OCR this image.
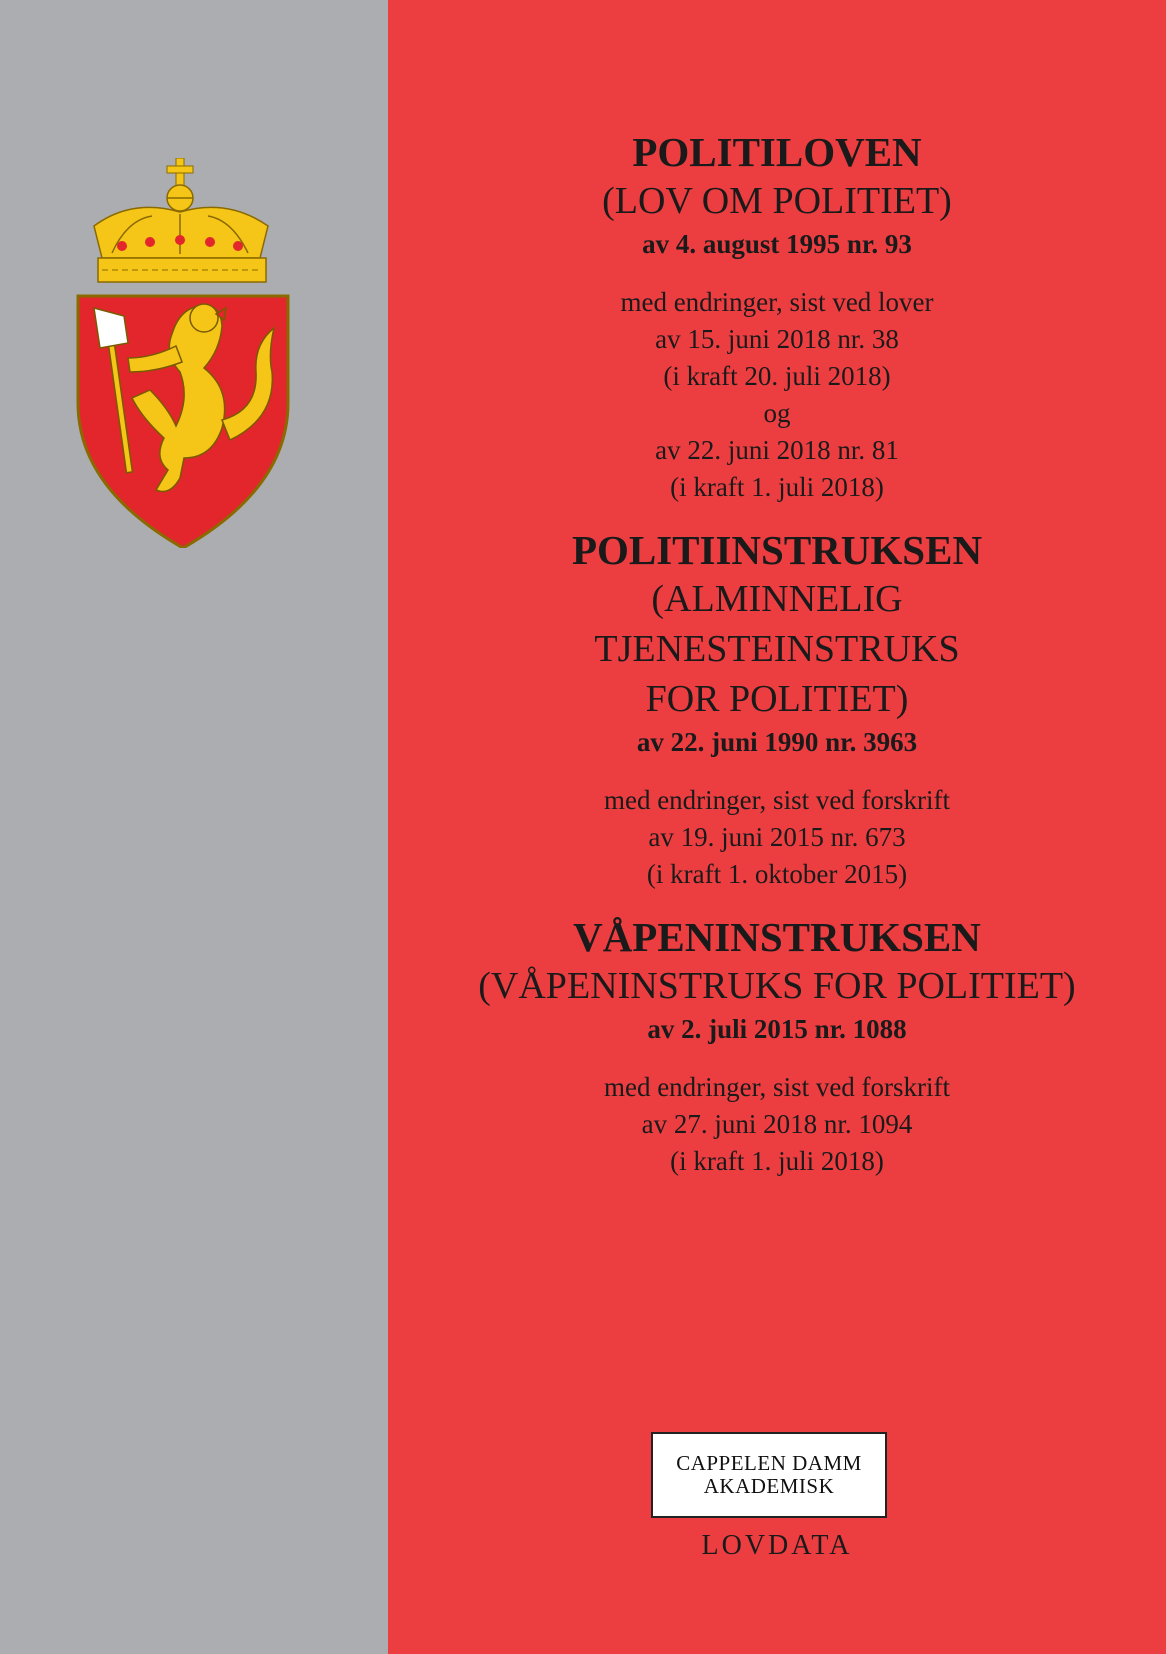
POLITILOVEN

(LOV OM POLITIET)

av 4. august 1995 nr. 93

med endringer, sist ved lover

av 15. juni 2018 nr. 38

(i kraft 20. juli 2018)

og

av 22. juni 2018 nr. 81

(i kraft 1. juli 2018)

POLITIINSTRUKSEN

(ALMINNELIG

TJENESTEINSTRUKS

FOR POLITIET)

av 22. juni 1990 nr. 3963

med endringer, sist ved forskrift

av 19. juni 2015 nr. 673

(i kraft 1. oktober 2015)

VÅPENINSTRUKSEN

(VÅPENINSTRUKS FOR POLITIET)

av 2. juli 2015 nr. 1088

med endringer, sist ved forskrift

av 27. juni 2018 nr. 1094

(i kraft 1. juli 2018)

CAPPELEN DAMM
AKADEMISK
LOVDATA
